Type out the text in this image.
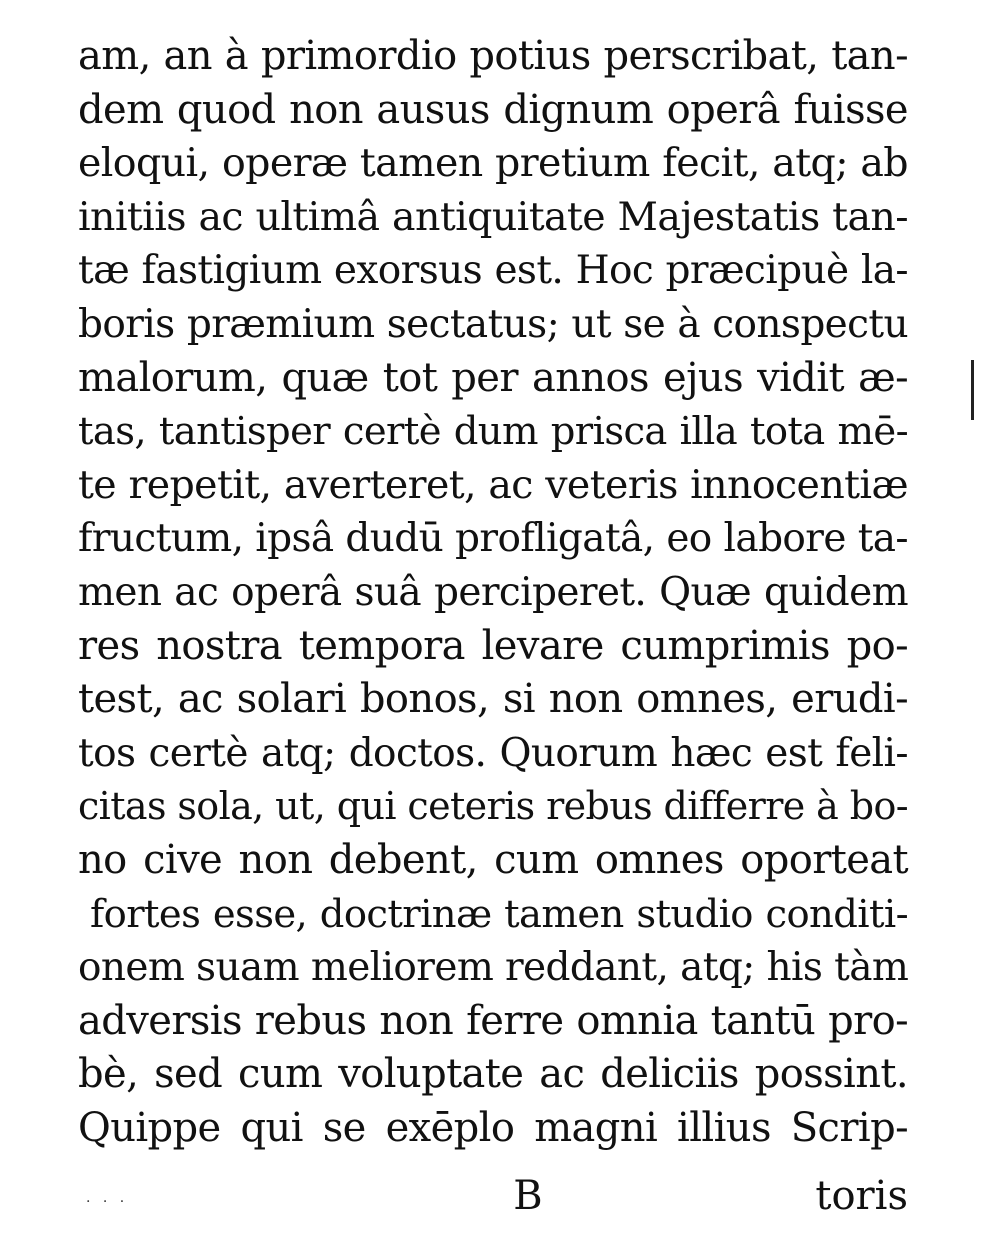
am, an à primordio potius perscribat, tan-
dem quod non ausus dignum operâ fuisse
eloqui, operæ tamen pretium fecit, atq; ab
initiis ac ultimâ antiquitate Majestatis tan-
tæ fastigium exorsus est. Hoc præcipuè la-
boris præmium sectatus; ut se à conspectu
malorum, quæ tot per annos ejus vidit æ-
tas, tantisper certè dum prisca illa tota mē-
te repetit, averteret, ac veteris innocentiæ
fructum, ipsâ dudū profligatâ, eo labore ta-
men ac operâ suâ perciperet. Quæ quidem
res nostra tempora levare cumprimis po-
test, ac solari bonos, si non omnes, erudi-
tos certè atq; doctos. Quorum hæc est feli-
citas sola, ut, qui ceteris rebus differre à bo-
no cive non debent, cum omnes oporteat
fortes esse, doctrinæ tamen studio conditi-
onem suam meliorem reddant, atq; his tàm
adversis rebus non ferre omnia tantū pro-
bè, sed cum voluptate ac deliciis possint.
Quippe qui se exēplo magni illius Scrip-
· · ·	B	toris
